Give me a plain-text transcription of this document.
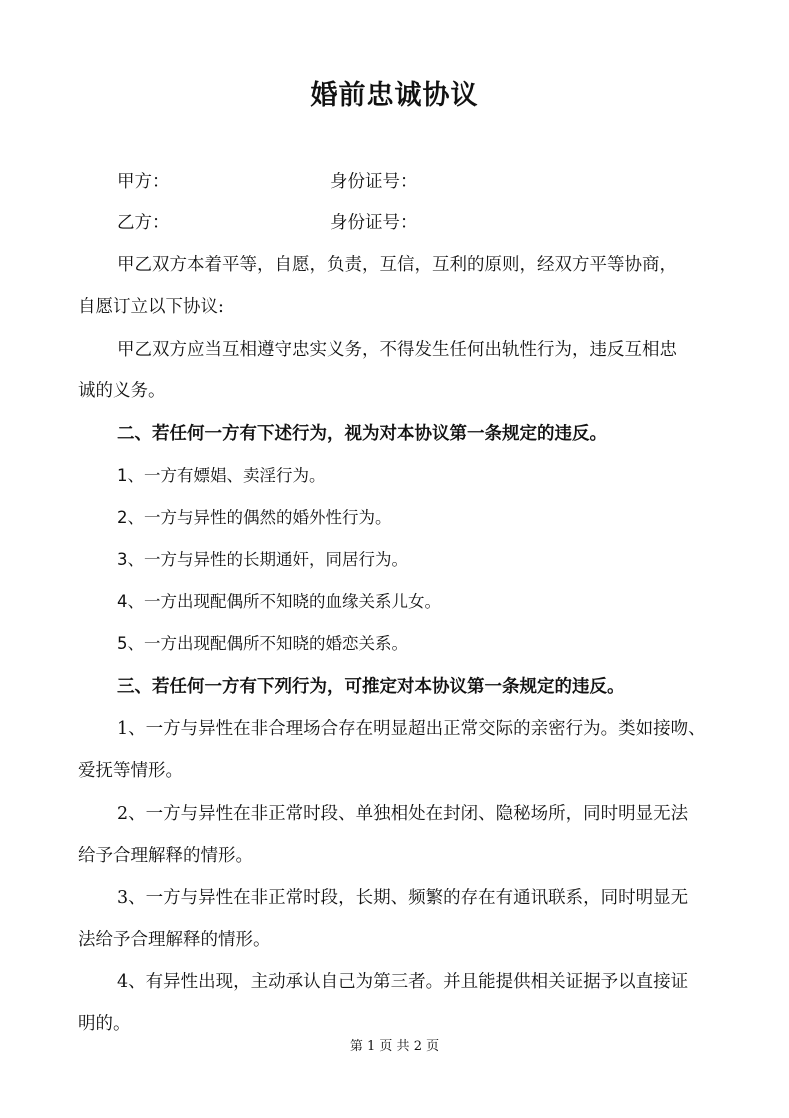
婚前忠诚协议
甲方：	身份证号：
乙方：	身份证号：
甲乙双方本着平等，自愿，负责，互信，互利的原则，经双方平等协商，
自愿订立以下协议:
甲乙双方应当互相遵守忠实义务，不得发生任何出轨性行为，违反互相忠
诚的义务。
二、若任何一方有下述行为，视为对本协议第一条规定的违反。
1、一方有嫖娼、卖淫行为。
2、一方与异性的偶然的婚外性行为。
3、一方与异性的长期通奸，同居行为。
4、一方出现配偶所不知晓的血缘关系儿女。
5、一方出现配偶所不知晓的婚恋关系。
三、若任何一方有下列行为，可推定对本协议第一条规定的违反。
1、一方与异性在非合理场合存在明显超出正常交际的亲密行为。类如接吻、
爱抚等情形。
2、一方与异性在非正常时段、单独相处在封闭、隐秘场所，同时明显无法
给予合理解释的情形。
3、一方与异性在非正常时段，长期、频繁的存在有通讯联系，同时明显无
法给予合理解释的情形。
4、有异性出现，主动承认自己为第三者。并且能提供相关证据予以直接证
明的。
第 1 页 共 2 页
